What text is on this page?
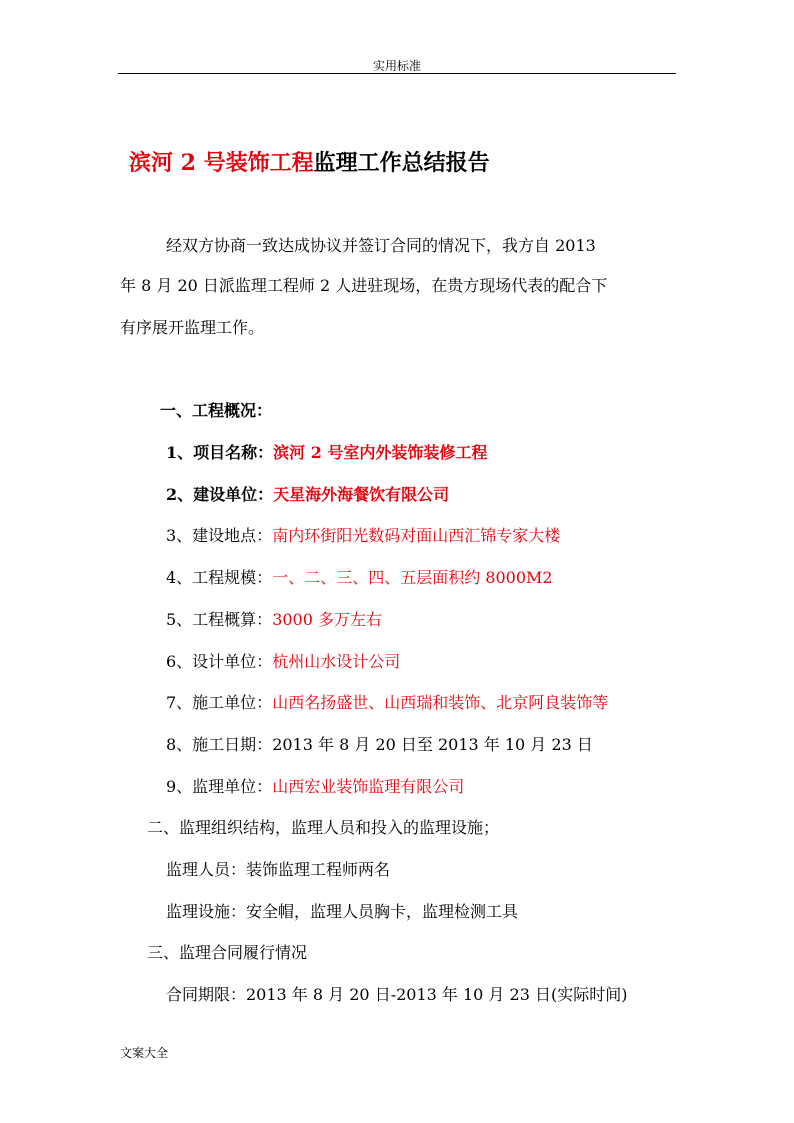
实用标准
滨河 2 号装饰工程监理工作总结报告
经双方协商一致达成协议并签订合同的情况下，我方自 2013
年 8 月 20 日派监理工程师 2 人进驻现场，在贵方现场代表的配合下
有序展开监理工作。
一、工程概况：
1、项目名称：滨河 2 号室内外装饰装修工程
2、建设单位：天星海外海餐饮有限公司
3、建设地点：南内环街阳光数码对面山西汇锦专家大楼
4、工程规模：一、二、三、四、五层面积约 8000M2
5、工程概算：3000 多万左右
6、设计单位：杭州山水设计公司
7、施工单位：山西名扬盛世、山西瑞和装饰、北京阿良装饰等
8、施工日期：2013 年 8 月 20 日至 2013 年 10 月 23 日
9、监理单位：山西宏业装饰监理有限公司
二、监理组织结构，监理人员和投入的监理设施；
监理人员：装饰监理工程师两名
监理设施：安全帽，监理人员胸卡，监理检测工具
三、监理合同履行情况
合同期限：2013 年 8 月 20 日-2013 年 10 月 23 日(实际时间)
文案大全
